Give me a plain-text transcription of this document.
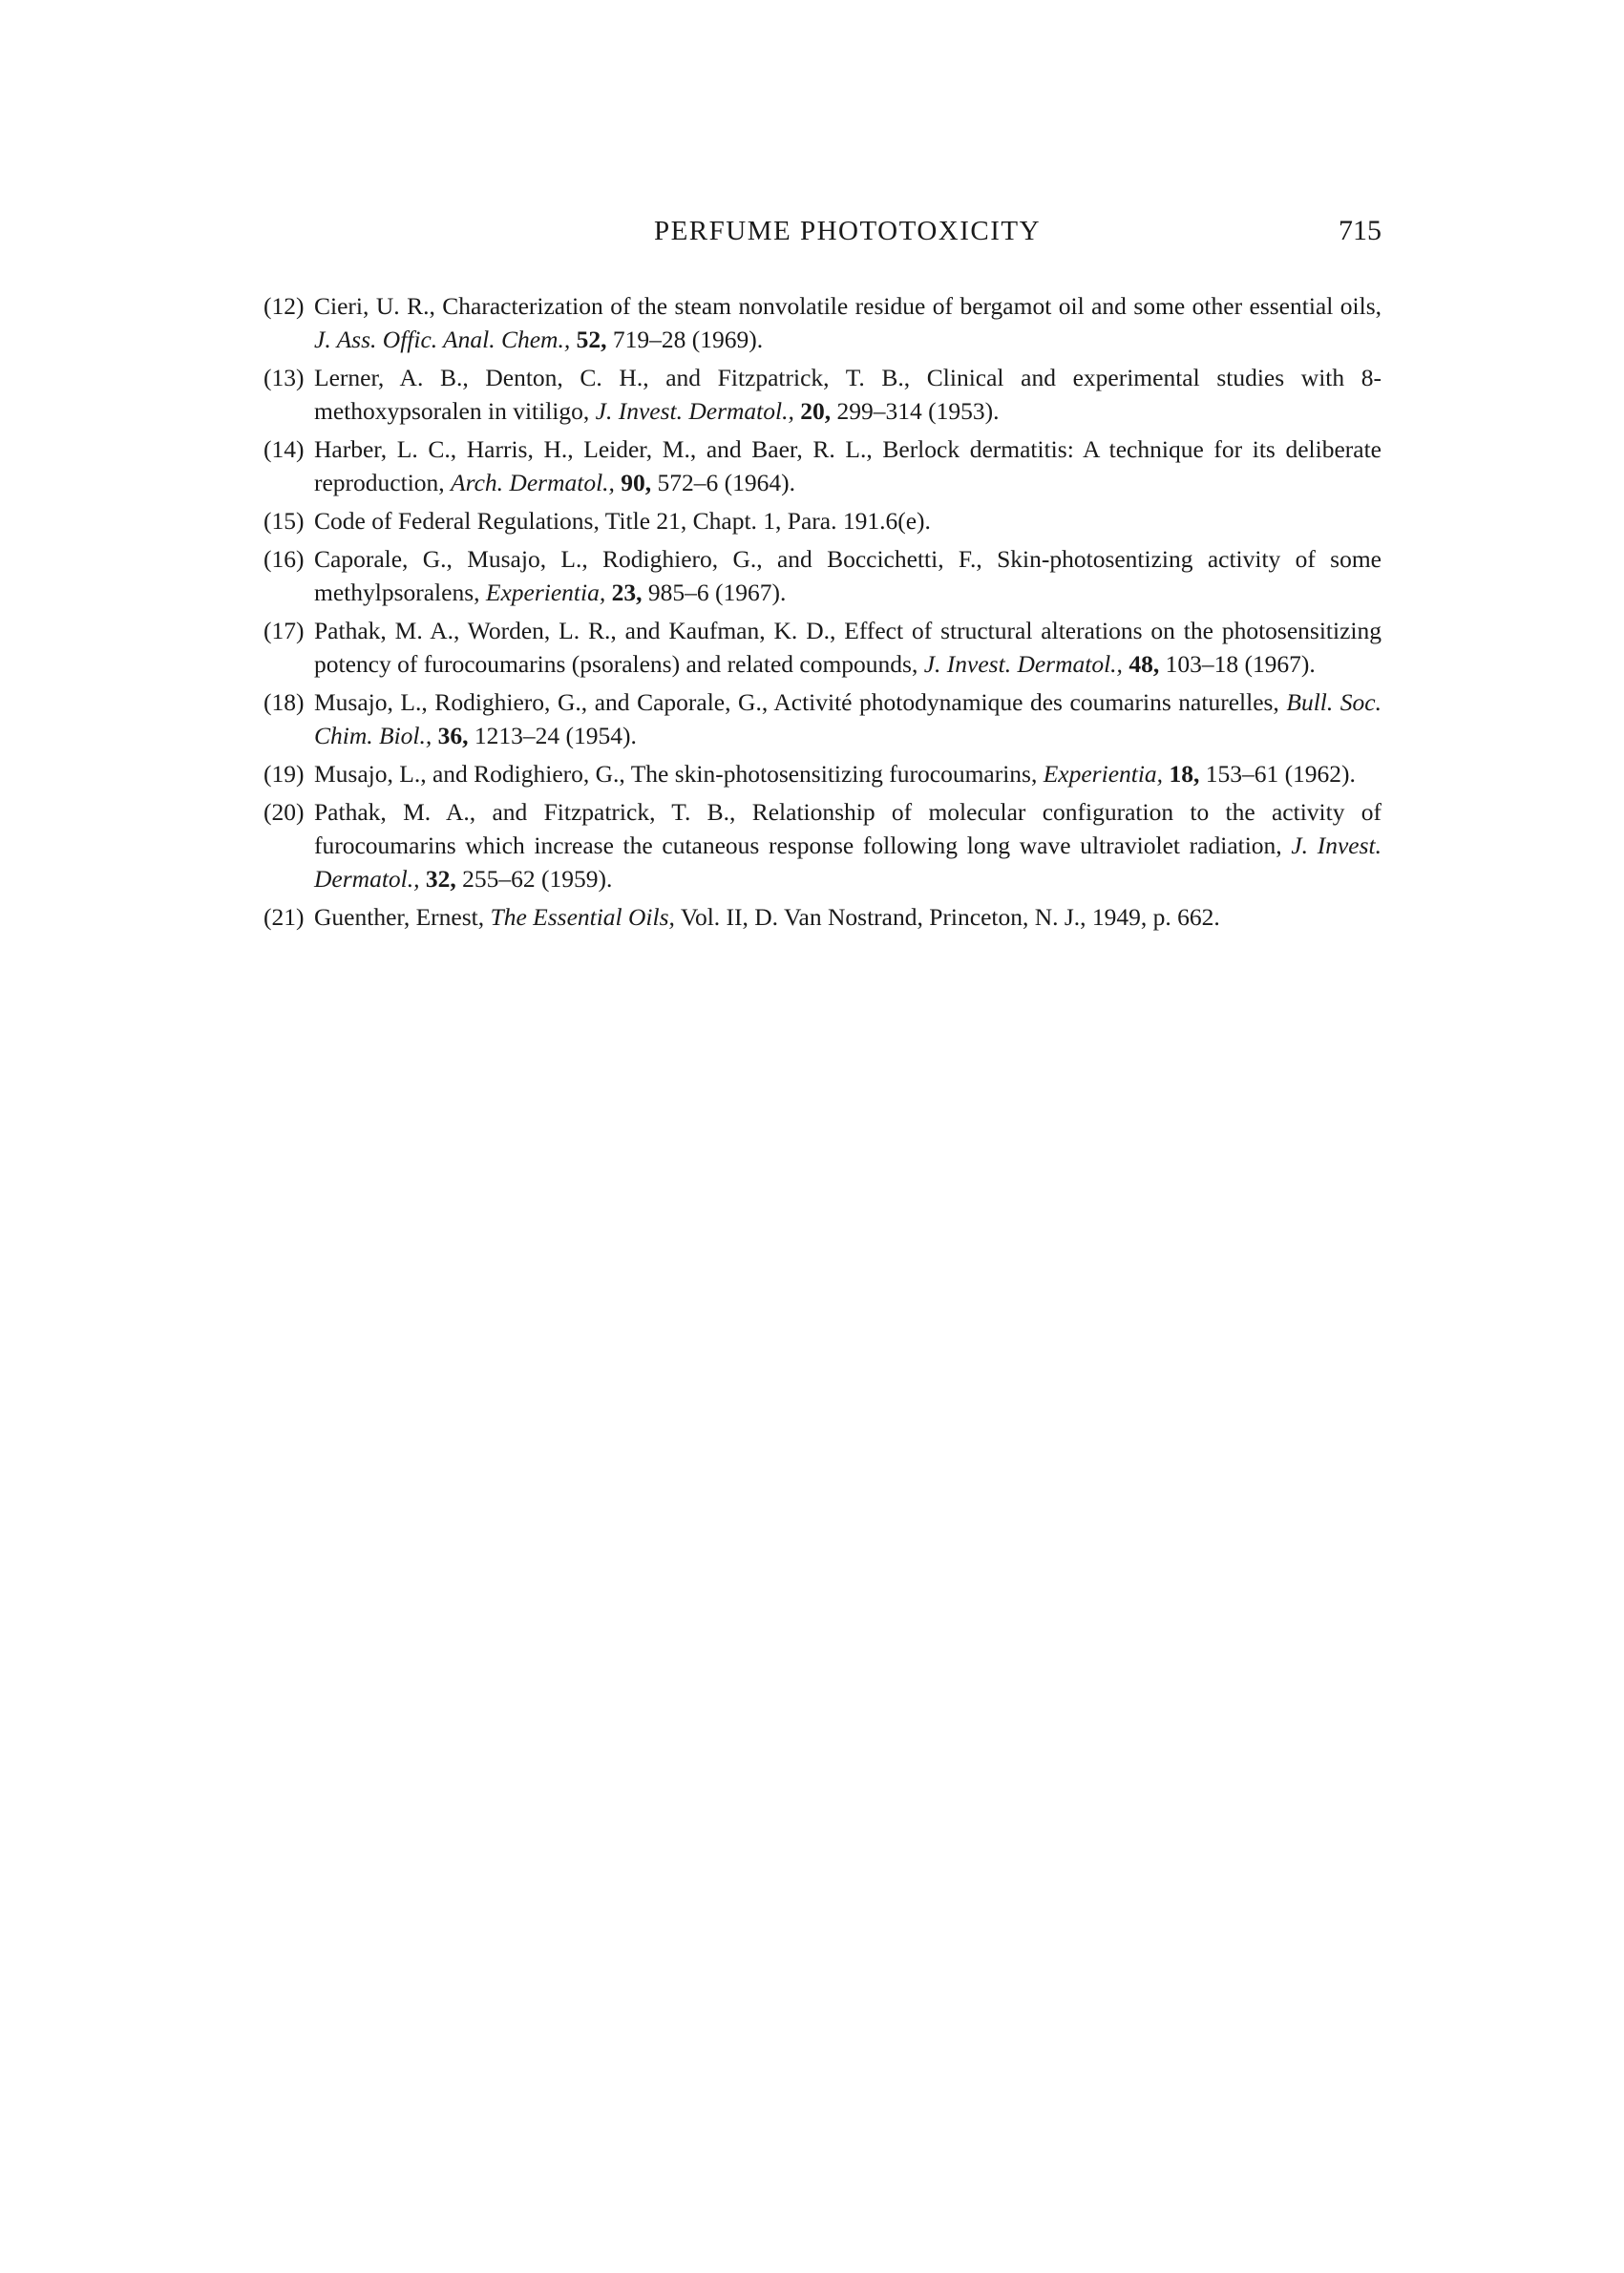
PERFUME PHOTOTOXICITY	715
(12) Cieri, U. R., Characterization of the steam nonvolatile residue of bergamot oil and some other essential oils, J. Ass. Offic. Anal. Chem., 52, 719–28 (1969).
(13) Lerner, A. B., Denton, C. H., and Fitzpatrick, T. B., Clinical and experimental studies with 8-methoxypsoralen in vitiligo, J. Invest. Dermatol., 20, 299–314 (1953).
(14) Harber, L. C., Harris, H., Leider, M., and Baer, R. L., Berlock dermatitis: A technique for its deliberate reproduction, Arch. Dermatol., 90, 572–6 (1964).
(15) Code of Federal Regulations, Title 21, Chapt. 1, Para. 191.6(e).
(16) Caporale, G., Musajo, L., Rodighiero, G., and Boccichetti, F., Skin-photosentizing activity of some methylpsoralens, Experientia, 23, 985–6 (1967).
(17) Pathak, M. A., Worden, L. R., and Kaufman, K. D., Effect of structural alterations on the photosensitizing potency of furocoumarins (psoralens) and related compounds, J. Invest. Dermatol., 48, 103–18 (1967).
(18) Musajo, L., Rodighiero, G., and Caporale, G., Activité photodynamique des coumarins naturelles, Bull. Soc. Chim. Biol., 36, 1213–24 (1954).
(19) Musajo, L., and Rodighiero, G., The skin-photosensitizing furocoumarins, Experientia, 18, 153–61 (1962).
(20) Pathak, M. A., and Fitzpatrick, T. B., Relationship of molecular configuration to the activity of furocoumarins which increase the cutaneous response following long wave ultraviolet radiation, J. Invest. Dermatol., 32, 255–62 (1959).
(21) Guenther, Ernest, The Essential Oils, Vol. II, D. Van Nostrand, Princeton, N. J., 1949, p. 662.
